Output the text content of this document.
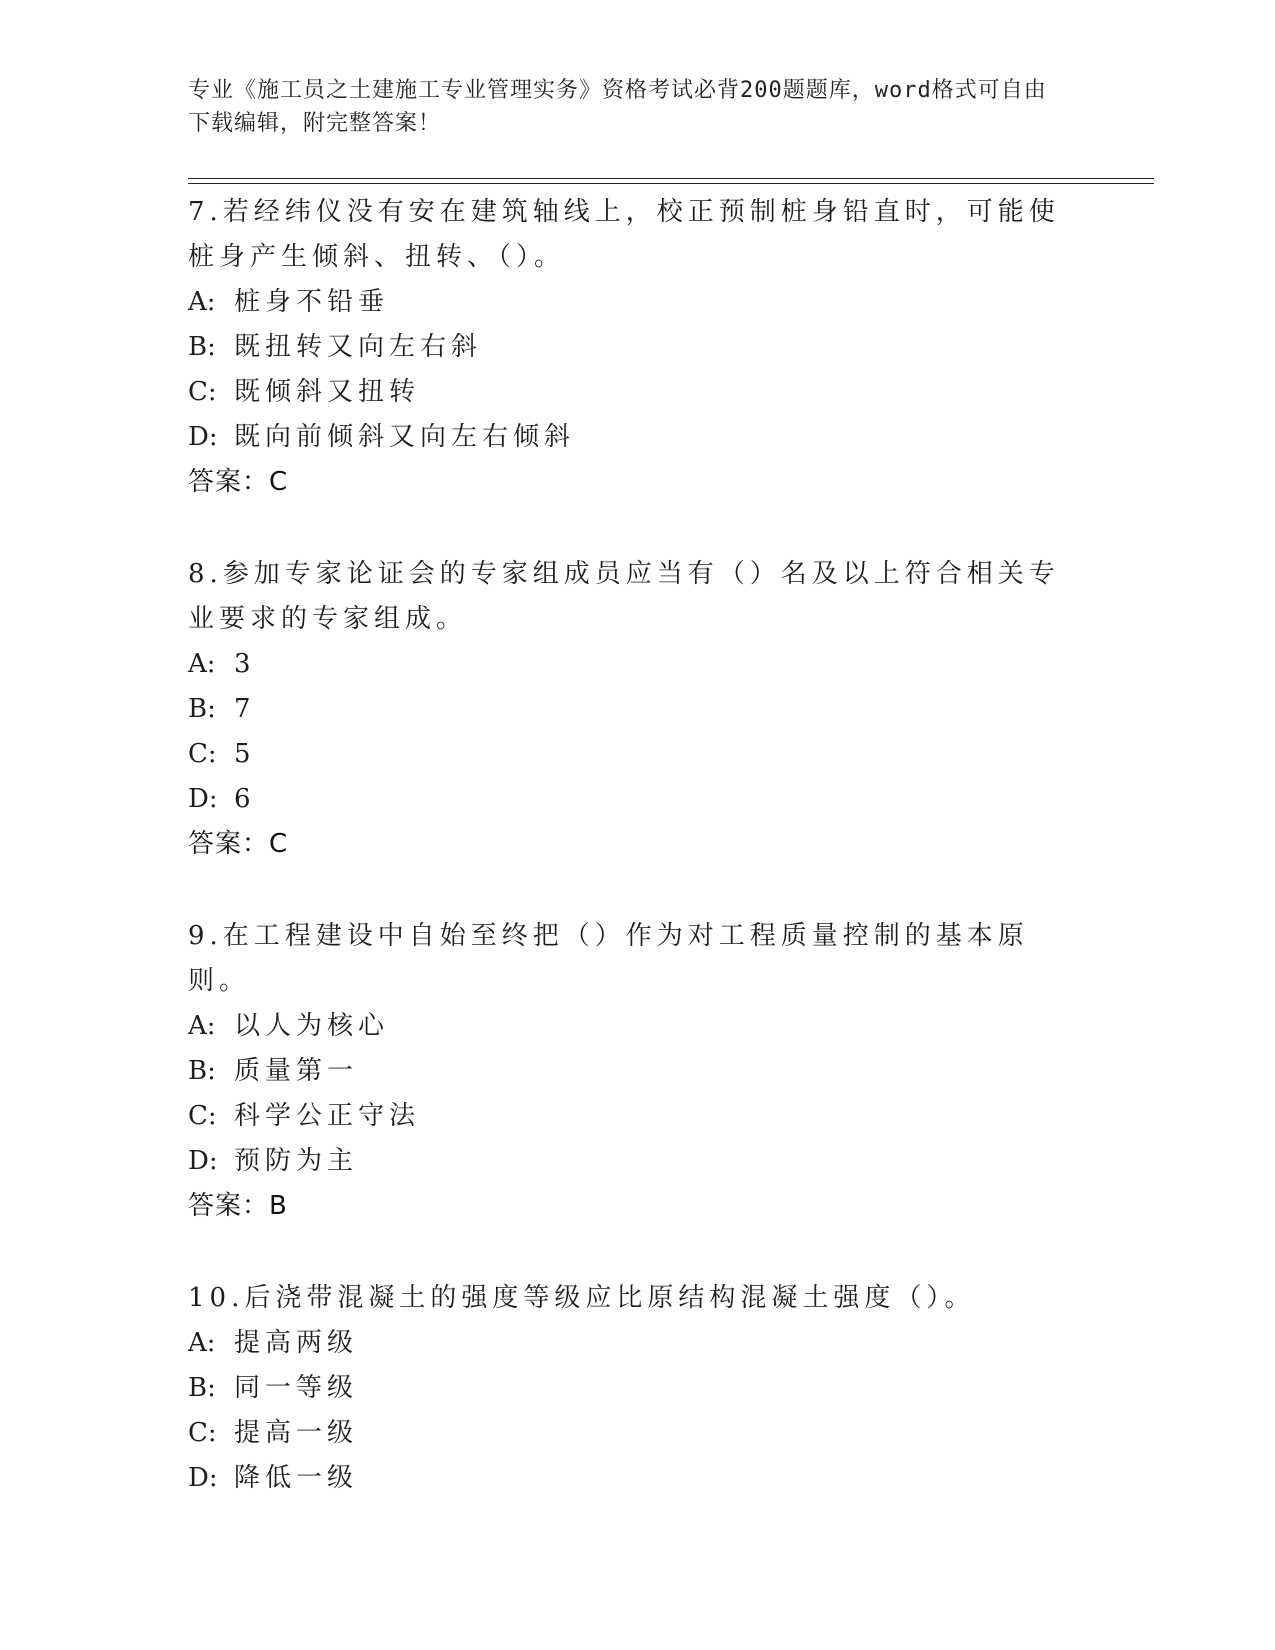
专业《施工员之土建施工专业管理实务》资格考试必背200题题库，word格式可自由下载编辑，附完整答案！
7.若经纬仪没有安在建筑轴线上，校正预制桩身铅直时，可能使桩身产生倾斜、扭转、（）。
A: 桩身不铅垂
B: 既扭转又向左右斜
C: 既倾斜又扭转
D: 既向前倾斜又向左右倾斜
答案：C
8.参加专家论证会的专家组成员应当有（）名及以上符合相关专业要求的专家组成。
A: 3
B: 7
C: 5
D: 6
答案：C
9.在工程建设中自始至终把（）作为对工程质量控制的基本原则。
A: 以人为核心
B: 质量第一
C: 科学公正守法
D: 预防为主
答案：B
10.后浇带混凝土的强度等级应比原结构混凝土强度（）。
A: 提高两级
B: 同一等级
C: 提高一级
D: 降低一级
